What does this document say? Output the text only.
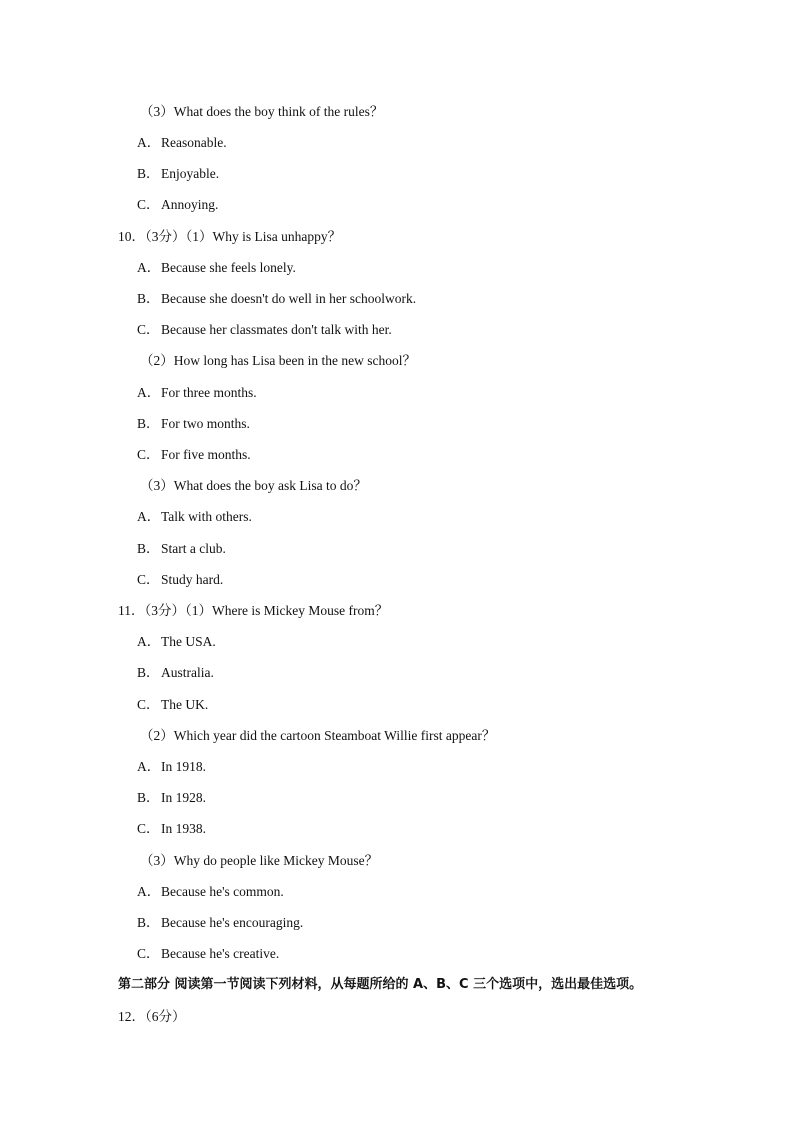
（3）What does the boy think of the rules？
A．Reasonable.
B．Enjoyable.
C．Annoying.
10．（3分）（1）Why is Lisa unhappy？
A．Because she feels lonely.
B．Because she doesn't do well in her schoolwork.
C．Because her classmates don't talk with her.
（2）How long has Lisa been in the new school？
A．For three months.
B．For two months.
C．For five months.
（3）What does the boy ask Lisa to do？
A．Talk with others.
B．Start a club.
C．Study hard.
11．（3分）（1）Where is Mickey Mouse from？
A．The USA.
B．Australia.
C．The UK.
（2）Which year did the cartoon Steamboat Willie first appear？
A．In 1918.
B．In 1928.
C．In 1938.
（3）Why do people like Mickey Mouse？
A．Because he's common.
B．Because he's encouraging.
C．Because he's creative.
第二部分 阅读第一节阅读下列材料，从每题所给的 A、B、C 三个选项中，选出最佳选项。
12．（6分）
